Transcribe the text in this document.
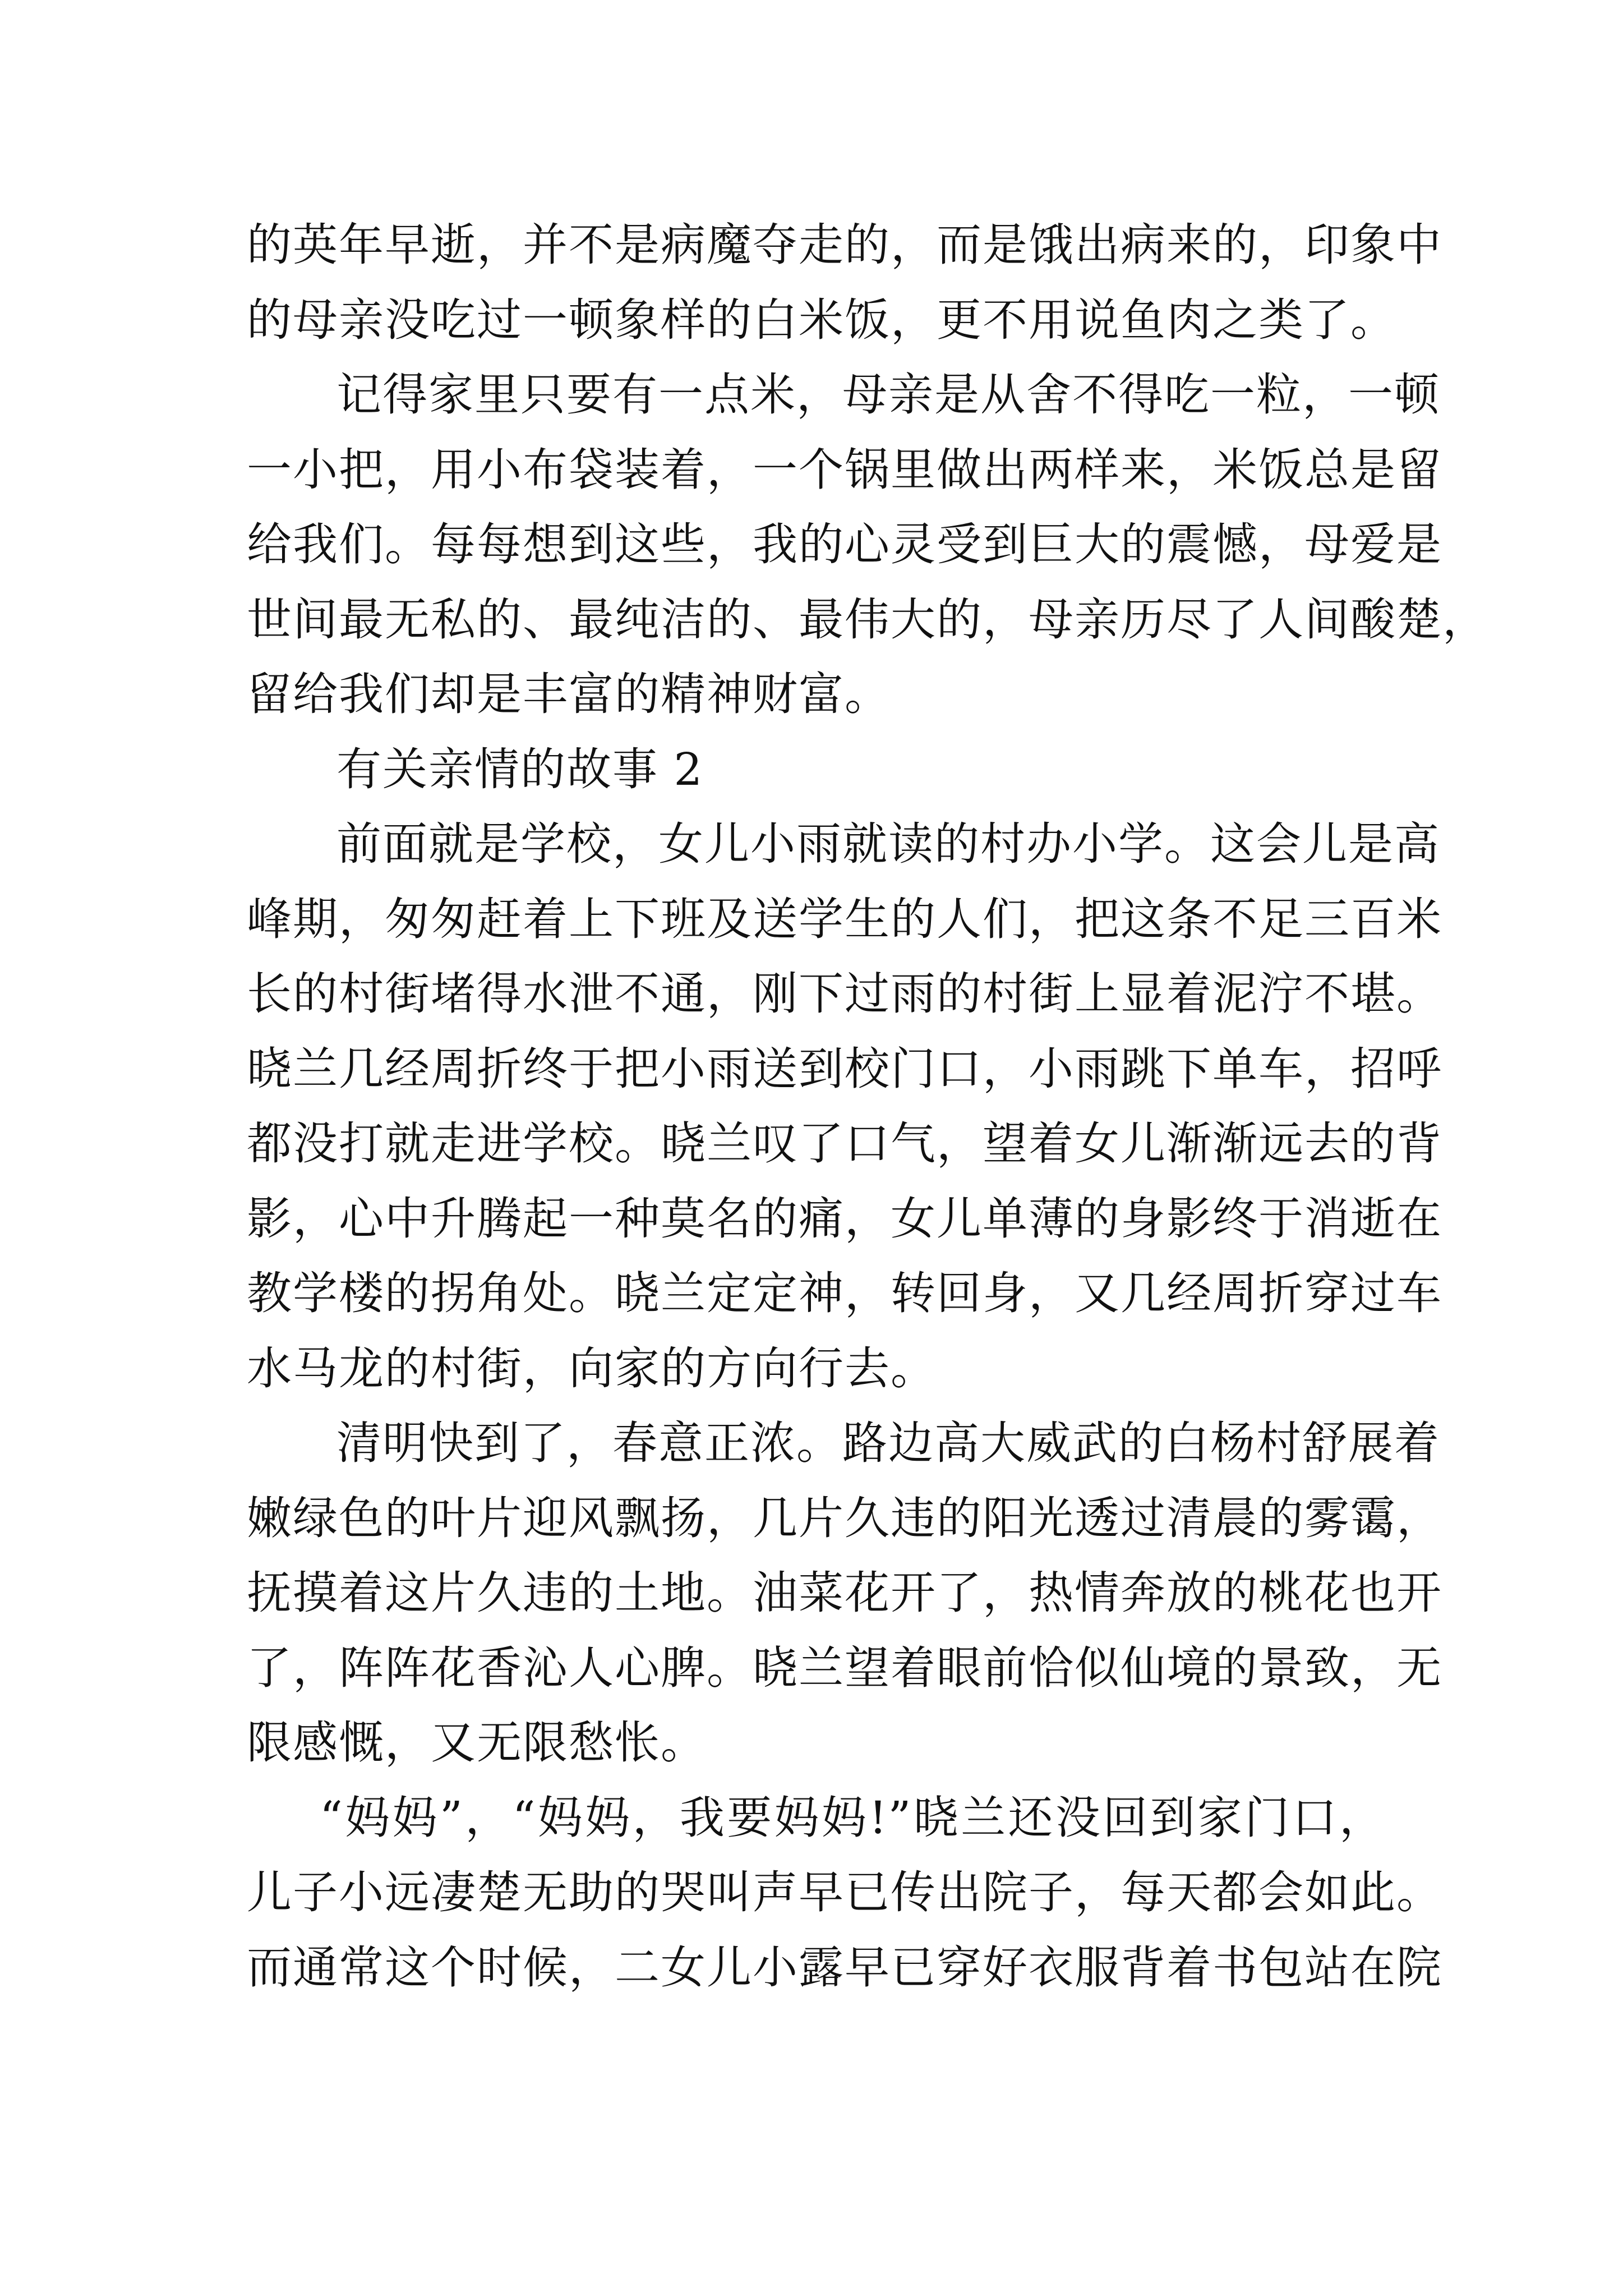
的英年早逝，并不是病魔夺走的，而是饿出病来的，印象中
的母亲没吃过一顿象样的白米饭，更不用说鱼肉之类了。
记得家里只要有一点米，母亲是从舍不得吃一粒，一顿
一小把，用小布袋装着，一个锅里做出两样来，米饭总是留
给我们。每每想到这些，我的心灵受到巨大的震憾，母爱是
世间最无私的、最纯洁的、最伟大的，母亲历尽了人间酸楚，
留给我们却是丰富的精神财富。
有关亲情的故事 2
前面就是学校，女儿小雨就读的村办小学。这会儿是高
峰期，匆匆赶着上下班及送学生的人们，把这条不足三百米
长的村街堵得水泄不通，刚下过雨的村街上显着泥泞不堪。
晓兰几经周折终于把小雨送到校门口，小雨跳下单车，招呼
都没打就走进学校。晓兰叹了口气，望着女儿渐渐远去的背
影，心中升腾起一种莫名的痛，女儿单薄的身影终于消逝在
教学楼的拐角处。晓兰定定神，转回身，又几经周折穿过车
水马龙的村街，向家的方向行去。
清明快到了，春意正浓。路边高大威武的白杨村舒展着
嫩绿色的叶片迎风飘扬，几片久违的阳光透过清晨的雾霭，
抚摸着这片久违的土地。油菜花开了，热情奔放的桃花也开
了，阵阵花香沁人心脾。晓兰望着眼前恰似仙境的景致，无
限感慨，又无限愁怅。
“妈妈”，“妈妈，我要妈妈!”晓兰还没回到家门口，
儿子小远凄楚无助的哭叫声早已传出院子，每天都会如此。
而通常这个时候，二女儿小露早已穿好衣服背着书包站在院
